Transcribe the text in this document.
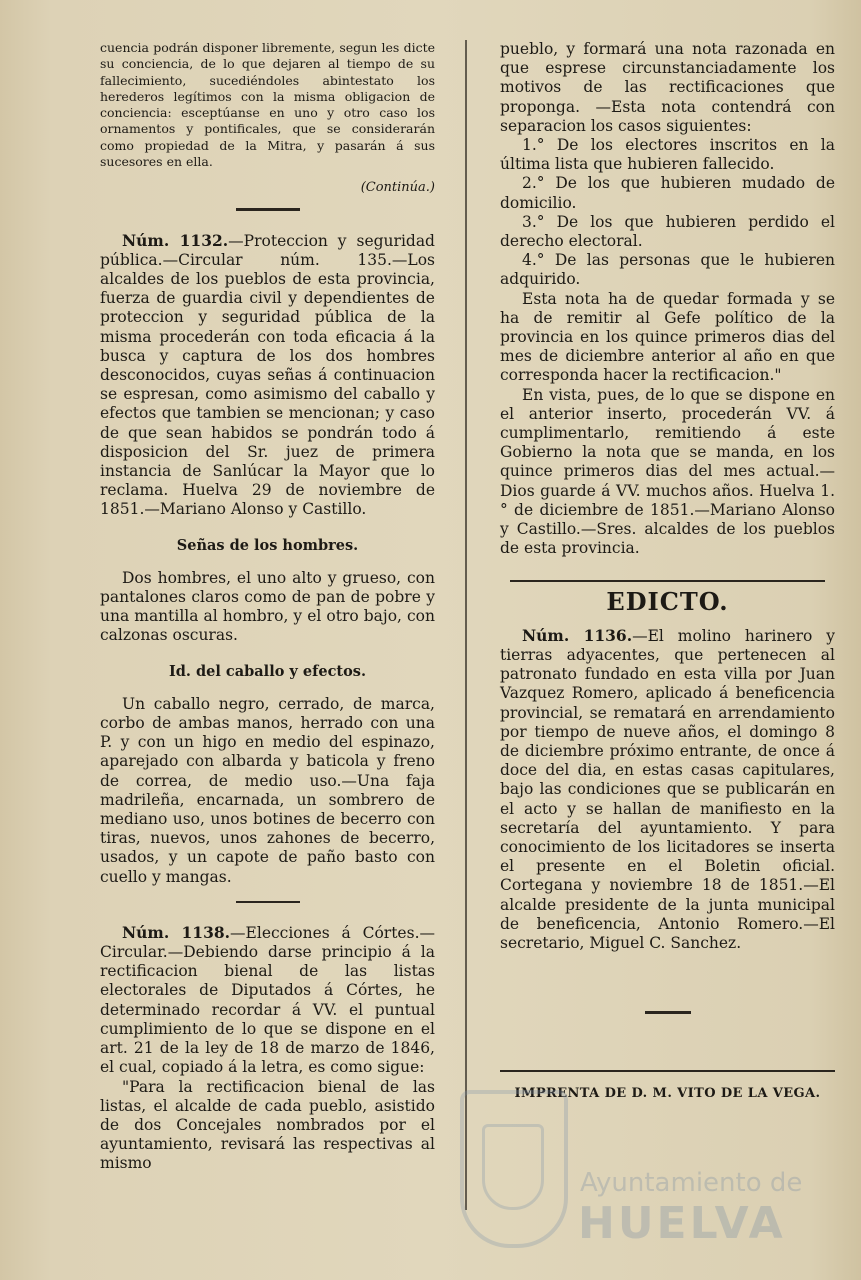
cuencia podrán disponer libremente, segun les dicte su conciencia, de lo que dejaren al tiempo de su fallecimiento, sucediéndoles abintestato los herederos legítimos con la misma obligacion de conciencia: esceptúanse en uno y otro caso los ornamentos y pontificales, que se considerarán como propiedad de la Mitra, y pasarán á sus sucesores en ella.

(Continúa.)

Núm. 1132.—Proteccion y seguridad pública.—Circular núm. 135.—Los alcaldes de los pueblos de esta provincia, fuerza de guardia civil y dependientes de proteccion y seguridad pública de la misma procederán con toda eficacia á la busca y captura de los dos hombres desconocidos, cuyas señas á continuacion se espresan, como asimismo del caballo y efectos que tambien se mencionan; y caso de que sean habidos se pondrán todo á disposicion del Sr. juez de primera instancia de Sanlúcar la Mayor que lo reclama. Huelva 29 de noviembre de 1851.—Mariano Alonso y Castillo.

Señas de los hombres.

Dos hombres, el uno alto y grueso, con pantalones claros como de pan de pobre y una mantilla al hombro, y el otro bajo, con calzonas oscuras.

Id. del caballo y efectos.

Un caballo negro, cerrado, de marca, corbo de ambas manos, herrado con una P. y con un higo en medio del espinazo, aparejado con albarda y baticola y freno de correa, de medio uso.—Una faja madrileña, encarnada, un sombrero de mediano uso, unos botines de becerro con tiras, nuevos, unos zahones de becerro, usados, y un capote de paño basto con cuello y mangas.

Núm. 1138.—Elecciones á Córtes.—Circular.—Debiendo darse principio á la rectificacion bienal de las listas electorales de Diputados á Córtes, he determinado recordar á VV. el puntual cumplimiento de lo que se dispone en el art. 21 de la ley de 18 de marzo de 1846, el cual, copiado á la letra, es como sigue:

"Para la rectificacion bienal de las listas, el alcalde de cada pueblo, asistido de dos Concejales nombrados por el ayuntamiento, revisará las respectivas al mismo

pueblo, y formará una nota razonada en que esprese circunstanciadamente los motivos de las rectificaciones que proponga. —Esta nota contendrá con separacion los casos siguientes:

1.° De los electores inscritos en la última lista que hubieren fallecido.

2.° De los que hubieren mudado de domicilio.

3.° De los que hubieren perdido el derecho electoral.

4.° De las personas que le hubieren adquirido.

Esta nota ha de quedar formada y se ha de remitir al Gefe político de la provincia en los quince primeros dias del mes de diciembre anterior al año en que corresponda hacer la rectificacion."

En vista, pues, de lo que se dispone en el anterior inserto, procederán VV. á cumplimentarlo, remitiendo á este Gobierno la nota que se manda, en los quince primeros dias del mes actual.—Dios guarde á VV. muchos años. Huelva 1.° de diciembre de 1851.—Mariano Alonso y Castillo.—Sres. alcaldes de los pueblos de esta provincia.

EDICTO.

Núm. 1136.—El molino harinero y tierras adyacentes, que pertenecen al patronato fundado en esta villa por Juan Vazquez Romero, aplicado á beneficencia provincial, se rematará en arrendamiento por tiempo de nueve años, el domingo 8 de diciembre próximo entrante, de once á doce del dia, en estas casas capitulares, bajo las condiciones que se publicarán en el acto y se hallan de manifiesto en la secretaría del ayuntamiento. Y para conocimiento de los licitadores se inserta el presente en el Boletin oficial. Cortegana y noviembre 18 de 1851.—El alcalde presidente de la junta municipal de beneficencia, Antonio Romero.—El secretario, Miguel C. Sanchez.

IMPRENTA DE D. M. VITO DE LA VEGA.

Ayuntamiento de
HUELVA
